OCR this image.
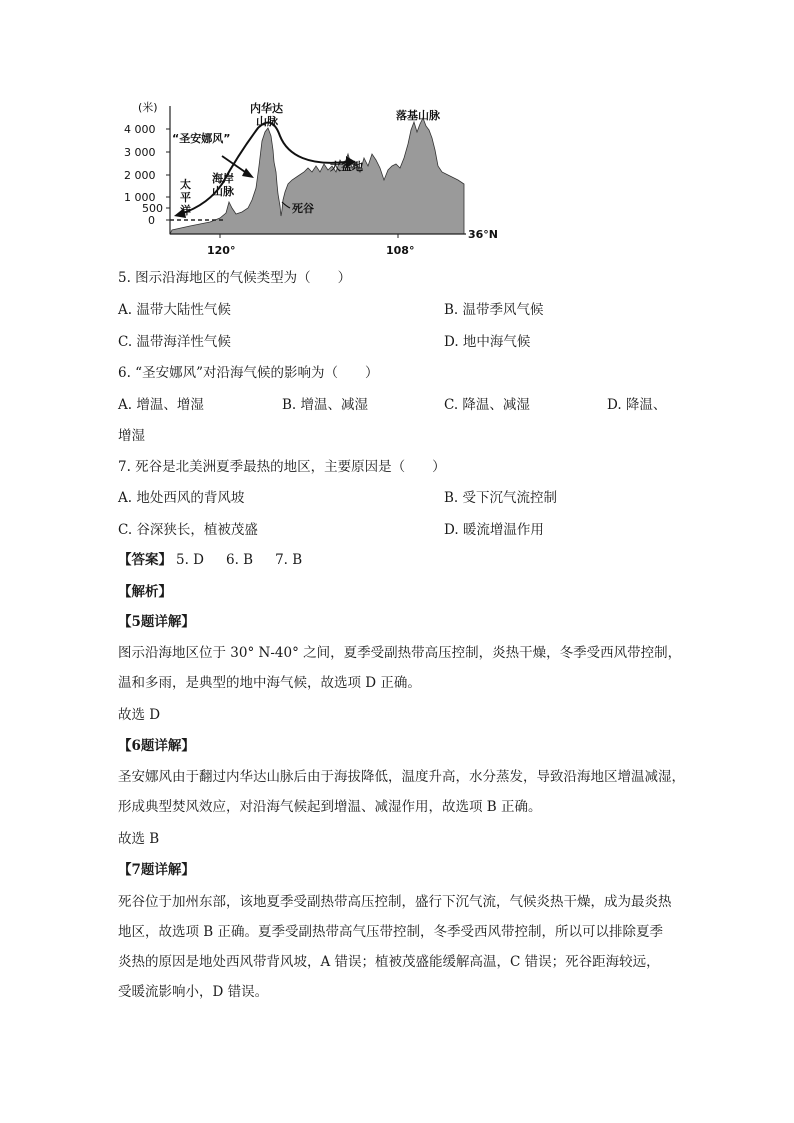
(米)
4 000
3 000
2 000
1 000
500
0
120°	108°
36°N
“圣安娜风”
内华达
山脉	落基山脉
海岸
山脉
太
平
洋
大盆地
死谷
5. 图示沿海地区的气候类型为（　　）
A. 温带大陆性气候	B. 温带季风气候
C. 温带海洋性气候	D. 地中海气候
6. “圣安娜风”对沿海气候的影响为（　　）
A. 增温、增湿	B. 增温、减湿	C. 降温、减湿	D. 降温、
增湿
7. 死谷是北美洲夏季最热的地区，主要原因是（　　）
A. 地处西风的背风坡	B. 受下沉气流控制
C. 谷深狭长，植被茂盛	D. 暖流增温作用
【答案】 5. D 6. B 7. B
【解析】
【5题详解】
图示沿海地区位于 30° N-40° 之间，夏季受副热带高压控制，炎热干燥，冬季受西风带控制，
温和多雨，是典型的地中海气候，故选项 D 正确。
故选 D
【6题详解】
圣安娜风由于翻过内华达山脉后由于海拔降低，温度升高，水分蒸发，导致沿海地区增温减湿，
形成典型焚风效应，对沿海气候起到增温、减湿作用，故选项 B 正确。
故选 B
【7题详解】
死谷位于加州东部，该地夏季受副热带高压控制，盛行下沉气流，气候炎热干燥，成为最炎热
地区，故选项 B 正确。夏季受副热带高气压带控制，冬季受西风带控制，所以可以排除夏季
炎热的原因是地处西风带背风坡，A 错误；植被茂盛能缓解高温，C 错误；死谷距海较远，
受暖流影响小，D 错误。
